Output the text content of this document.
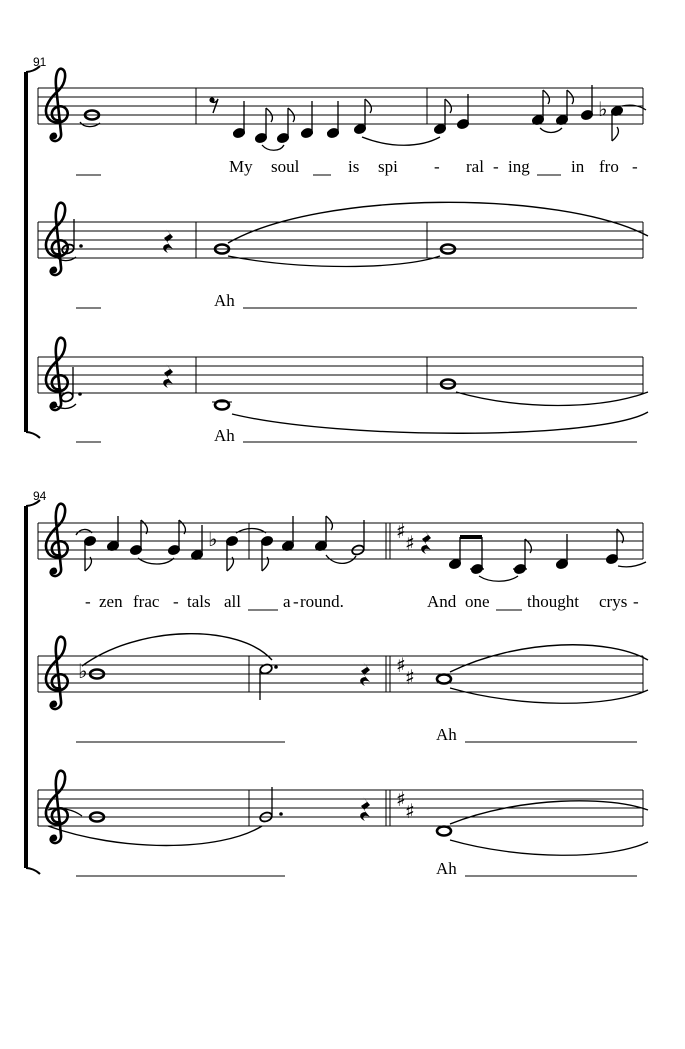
91
♭
My soul	is spi - ral - ing in fro -
Ah
Ah
94
♭	♯ ♯
- zen frac - tals all a - round.	And one thought crys -
♭	♯ ♯
Ah
♯ ♯
Ah
